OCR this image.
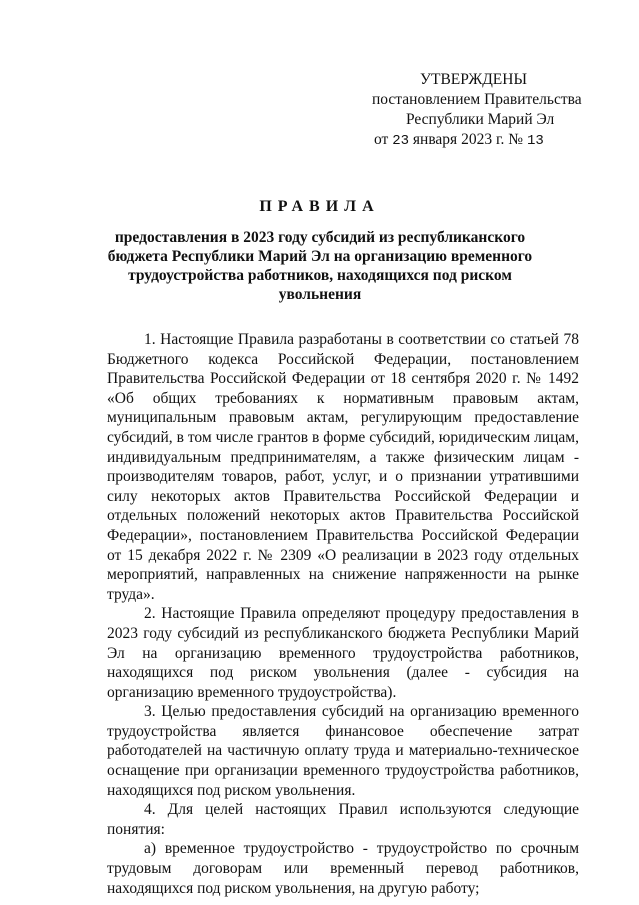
УТВЕРЖДЕНЫ
постановлением Правительства
Республики Марий Эл
от 23 января 2023 г. № 13
ПРАВИЛА
предоставления в 2023 году субсидий из республиканского бюджета Республики Марий Эл на организацию временного трудоустройства работников, находящихся под риском увольнения

1. Настоящие Правила разработаны в соответствии со статьей 78 Бюджетного кодекса Российской Федерации, постановлением Правительства Российской Федерации от 18 сентября 2020 г. № 1492 «Об общих требованиях к нормативным правовым актам, муниципальным правовым актам, регулирующим предоставление субсидий, в том числе грантов в форме субсидий, юридическим лицам, индивидуальным предпринимателям, а также физическим лицам - производителям товаров, работ, услуг, и о признании утратившими силу некоторых актов Правительства Российской Федерации и отдельных положений некоторых актов Правительства Российской Федерации», постановлением Правительства Российской Федерации от 15 декабря 2022 г. № 2309 «О реализации в 2023 году отдельных мероприятий, направленных на снижение напряженности на рынке труда».

2. Настоящие Правила определяют процедуру предоставления в 2023 году субсидий из республиканского бюджета Республики Марий Эл на организацию временного трудоустройства работников, находящихся под риском увольнения (далее - субсидия на организацию временного трудоустройства).

3. Целью предоставления субсидий на организацию временного трудоустройства является финансовое обеспечение затрат работодателей на частичную оплату труда и материально-техническое оснащение при организации временного трудоустройства работников, находящихся под риском увольнения.

4. Для целей настоящих Правил используются следующие понятия:

а) временное трудоустройство - трудоустройство по срочным трудовым договорам или временный перевод работников, находящихся под риском увольнения, на другую работу;
